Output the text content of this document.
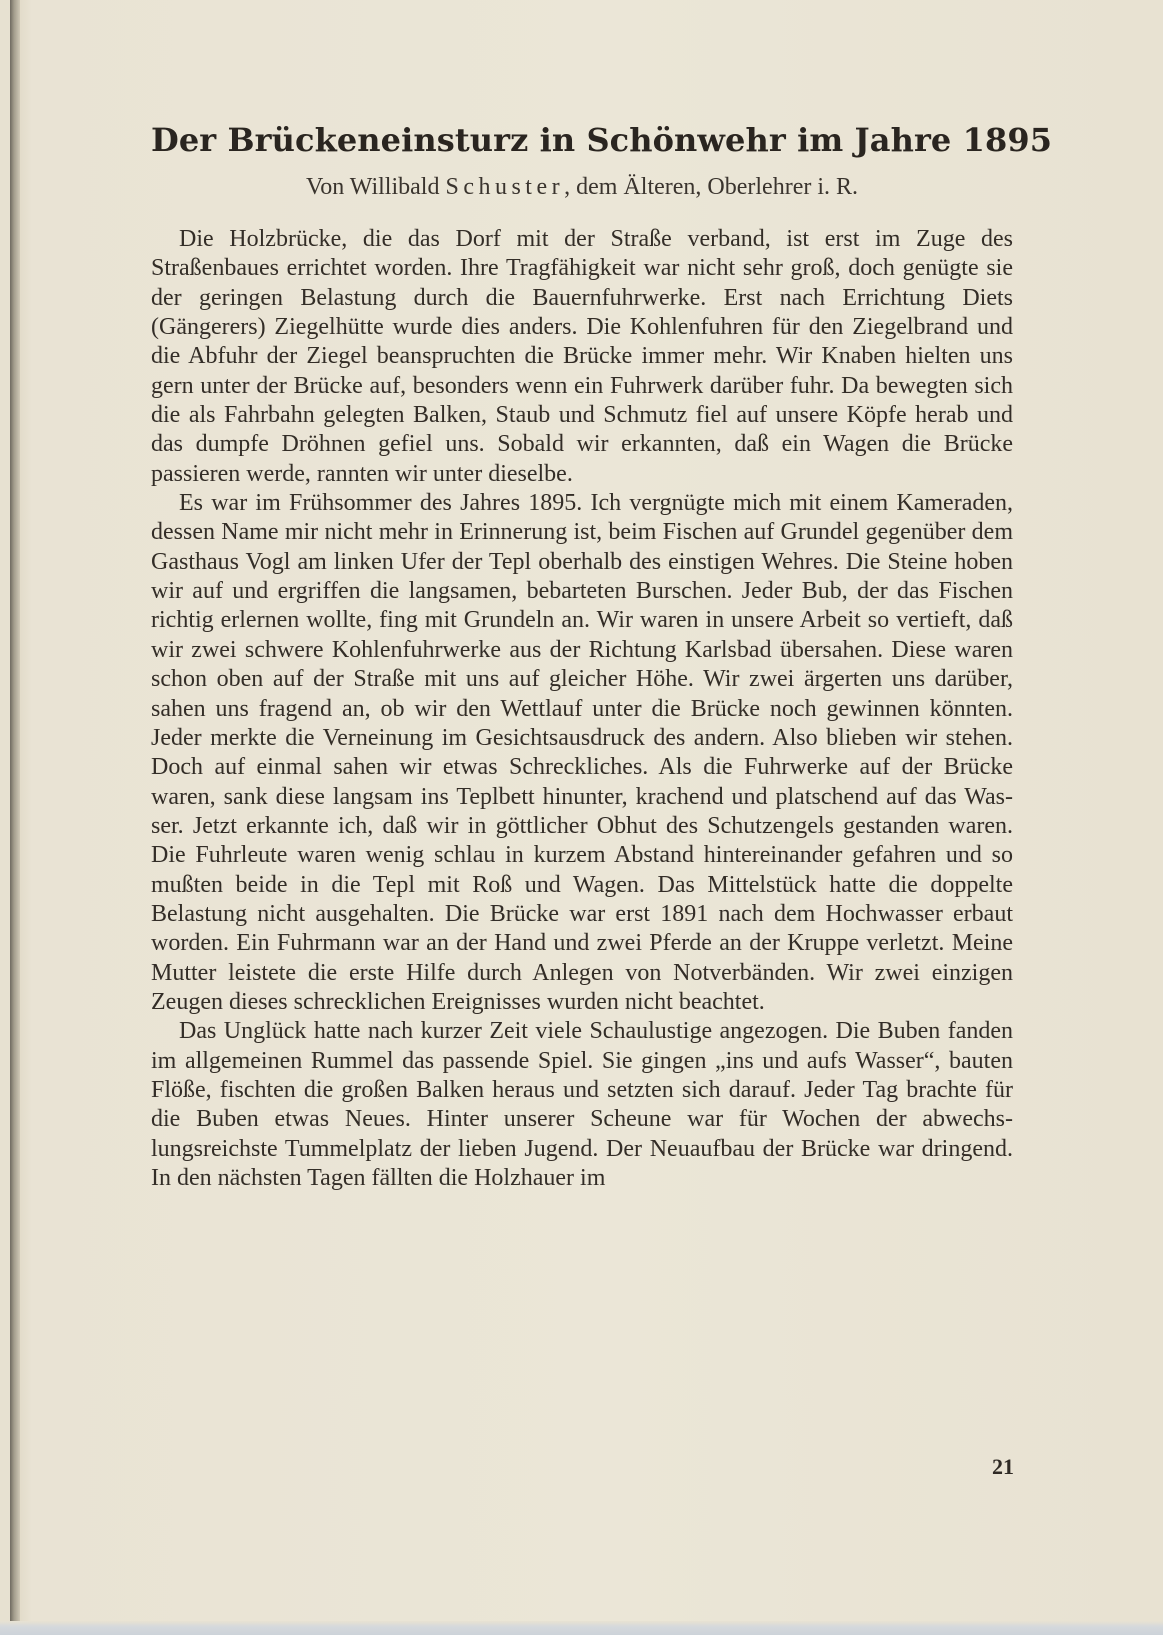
Der Brückeneinsturz in Schönwehr im Jahre 1895
Von Willibald Schuster, dem Älteren, Oberlehrer i. R.

Die Holzbrücke, die das Dorf mit der Straße verband, ist erst im Zuge des Straßenbaues errichtet worden. Ihre Tragfähigkeit war nicht sehr groß, doch genügte sie der geringen Belastung durch die Bauernfuhrwerke. Erst nach Errichtung Diets (Gängerers) Ziegelhütte wurde dies anders. Die Kohlenfuhren für den Ziegelbrand und die Abfuhr der Ziegel beanspruchten die Brücke immer mehr. Wir Knaben hielten uns gern unter der Brücke auf, besonders wenn ein Fuhrwerk darüber fuhr. Da bewegten sich die als Fahrbahn gelegten Balken, Staub und Schmutz fiel auf unsere Köpfe herab und das dumpfe Dröhnen gefiel uns. Sobald wir erkannten, daß ein Wagen die Brücke passieren werde, rannten wir unter dieselbe.

Es war im Frühsommer des Jahres 1895. Ich vergnügte mich mit einem Kameraden, dessen Name mir nicht mehr in Erinnerung ist, beim Fischen auf Grundel gegenüber dem Gasthaus Vogl am linken Ufer der Tepl oberhalb des einstigen Wehres. Die Steine hoben wir auf und ergriffen die langsamen, bebarteten Burschen. Jeder Bub, der das Fischen richtig erlernen wollte, fing mit Grundeln an. Wir waren in unsere Arbeit so vertieft, daß wir zwei schwere Kohlenfuhrwerke aus der Richtung Karlsbad übersahen. Diese waren schon oben auf der Straße mit uns auf gleicher Höhe. Wir zwei ärgerten uns darüber, sahen uns fragend an, ob wir den Wettlauf unter die Brücke noch gewinnen könnten. Jeder merkte die Verneinung im Gesichtsausdruck des andern. Also blieben wir stehen. Doch auf einmal sahen wir etwas Schreckliches. Als die Fuhrwerke auf der Brücke waren, sank diese langsam ins Teplbett hinunter, krachend und platschend auf das Wasser. Jetzt erkannte ich, daß wir in göttlicher Obhut des Schutzengels gestanden waren. Die Fuhrleute waren wenig schlau in kurzem Abstand hintereinander gefahren und so mußten beide in die Tepl mit Roß und Wagen. Das Mittelstück hatte die doppelte Belastung nicht ausgehalten. Die Brücke war erst 1891 nach dem Hochwasser erbaut worden. Ein Fuhrmann war an der Hand und zwei Pferde an der Kruppe verletzt. Meine Mutter leistete die erste Hilfe durch Anlegen von Notverbänden. Wir zwei einzigen Zeugen dieses schrecklichen Ereignisses wurden nicht beachtet.

Das Unglück hatte nach kurzer Zeit viele Schaulustige angezogen. Die Buben fanden im allgemeinen Rummel das passende Spiel. Sie gingen „ins und aufs Wasser“, bauten Flöße, fischten die großen Balken heraus und setzten sich darauf. Jeder Tag brachte für die Buben etwas Neues. Hinter unserer Scheune war für Wochen der abwechslungsreichste Tummelplatz der lieben Jugend. Der Neuaufbau der Brücke war dringend. In den nächsten Tagen fällten die Holzhauer im

21
